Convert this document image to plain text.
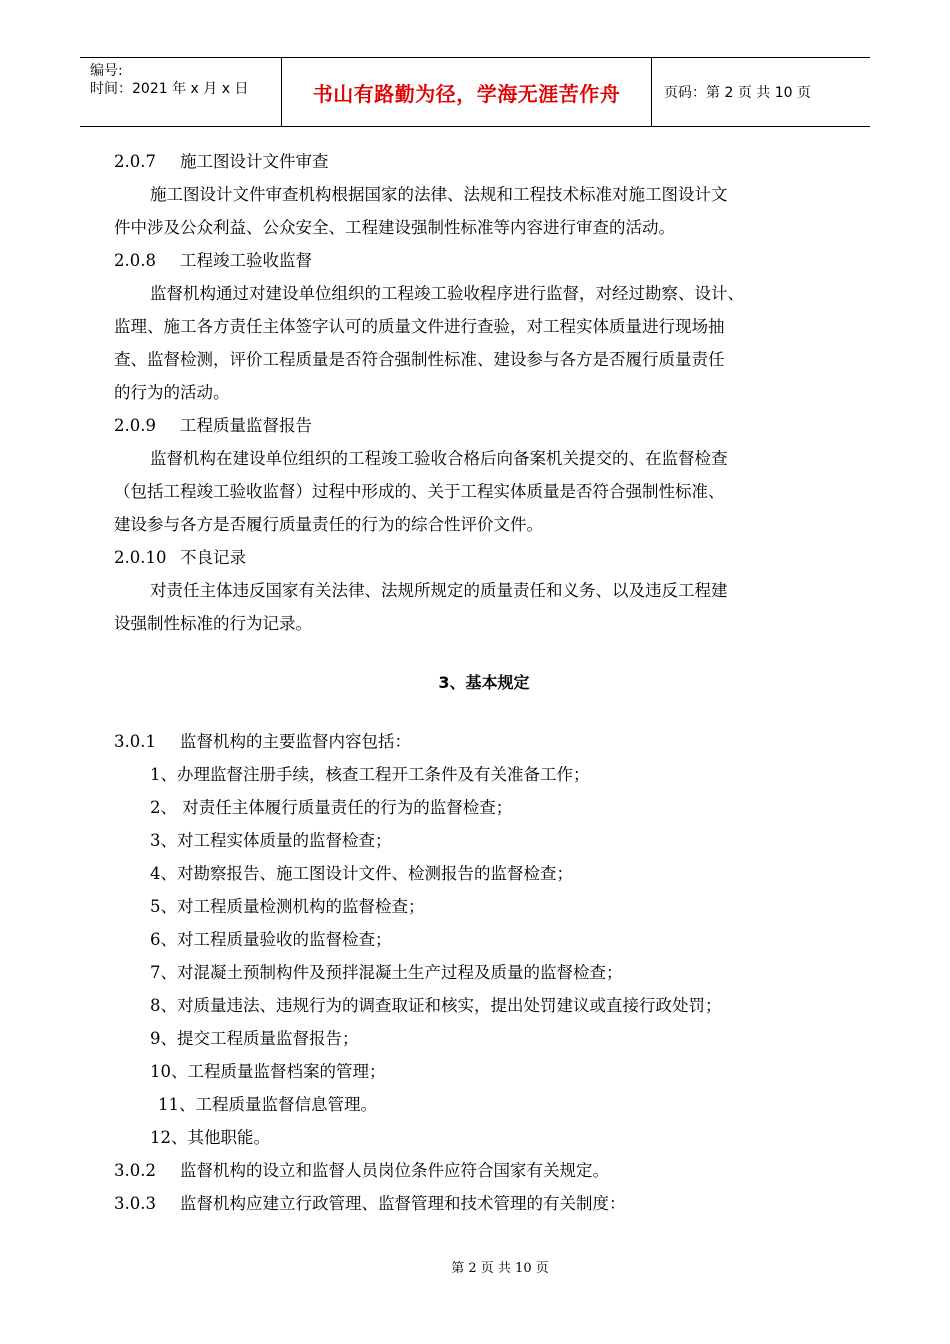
编号:
时间：2021 年 x 月 x 日	书山有路勤为径，学海无涯苦作舟	页码：第 2 页 共 10 页
2.0.7 施工图设计文件审查
施工图设计文件审查机构根据国家的法律、法规和工程技术标准对施工图设计文
件中涉及公众利益、公众安全、工程建设强制性标准等内容进行审查的活动。
2.0.8 工程竣工验收监督
监督机构通过对建设单位组织的工程竣工验收程序进行监督，对经过勘察、设计、
监理、施工各方责任主体签字认可的质量文件进行查验，对工程实体质量进行现场抽
查、监督检测，评价工程质量是否符合强制性标准、建设参与各方是否履行质量责任
的行为的活动。
2.0.9 工程质量监督报告
监督机构在建设单位组织的工程竣工验收合格后向备案机关提交的、在监督检查
（包括工程竣工验收监督）过程中形成的、关于工程实体质量是否符合强制性标准、
建设参与各方是否履行质量责任的行为的综合性评价文件。
2.0.10 不良记录
对责任主体违反国家有关法律、法规所规定的质量责任和义务、以及违反工程建
设强制性标准的行为记录。
3、基本规定
3.0.1 监督机构的主要监督内容包括：
1、办理监督注册手续，核查工程开工条件及有关准备工作；
2、 对责任主体履行质量责任的行为的监督检查；
3、对工程实体质量的监督检查；
4、对勘察报告、施工图设计文件、检测报告的监督检查；
5、对工程质量检测机构的监督检查；
6、对工程质量验收的监督检查；
7、对混凝土预制构件及预拌混凝土生产过程及质量的监督检查；
8、对质量违法、违规行为的调查取证和核实，提出处罚建议或直接行政处罚；
9、提交工程质量监督报告；
10、工程质量监督档案的管理；
11、工程质量监督信息管理。
12、其他职能。
3.0.2 监督机构的设立和监督人员岗位条件应符合国家有关规定。
3.0.3 监督机构应建立行政管理、监督管理和技术管理的有关制度：
第 2 页 共 10 页
